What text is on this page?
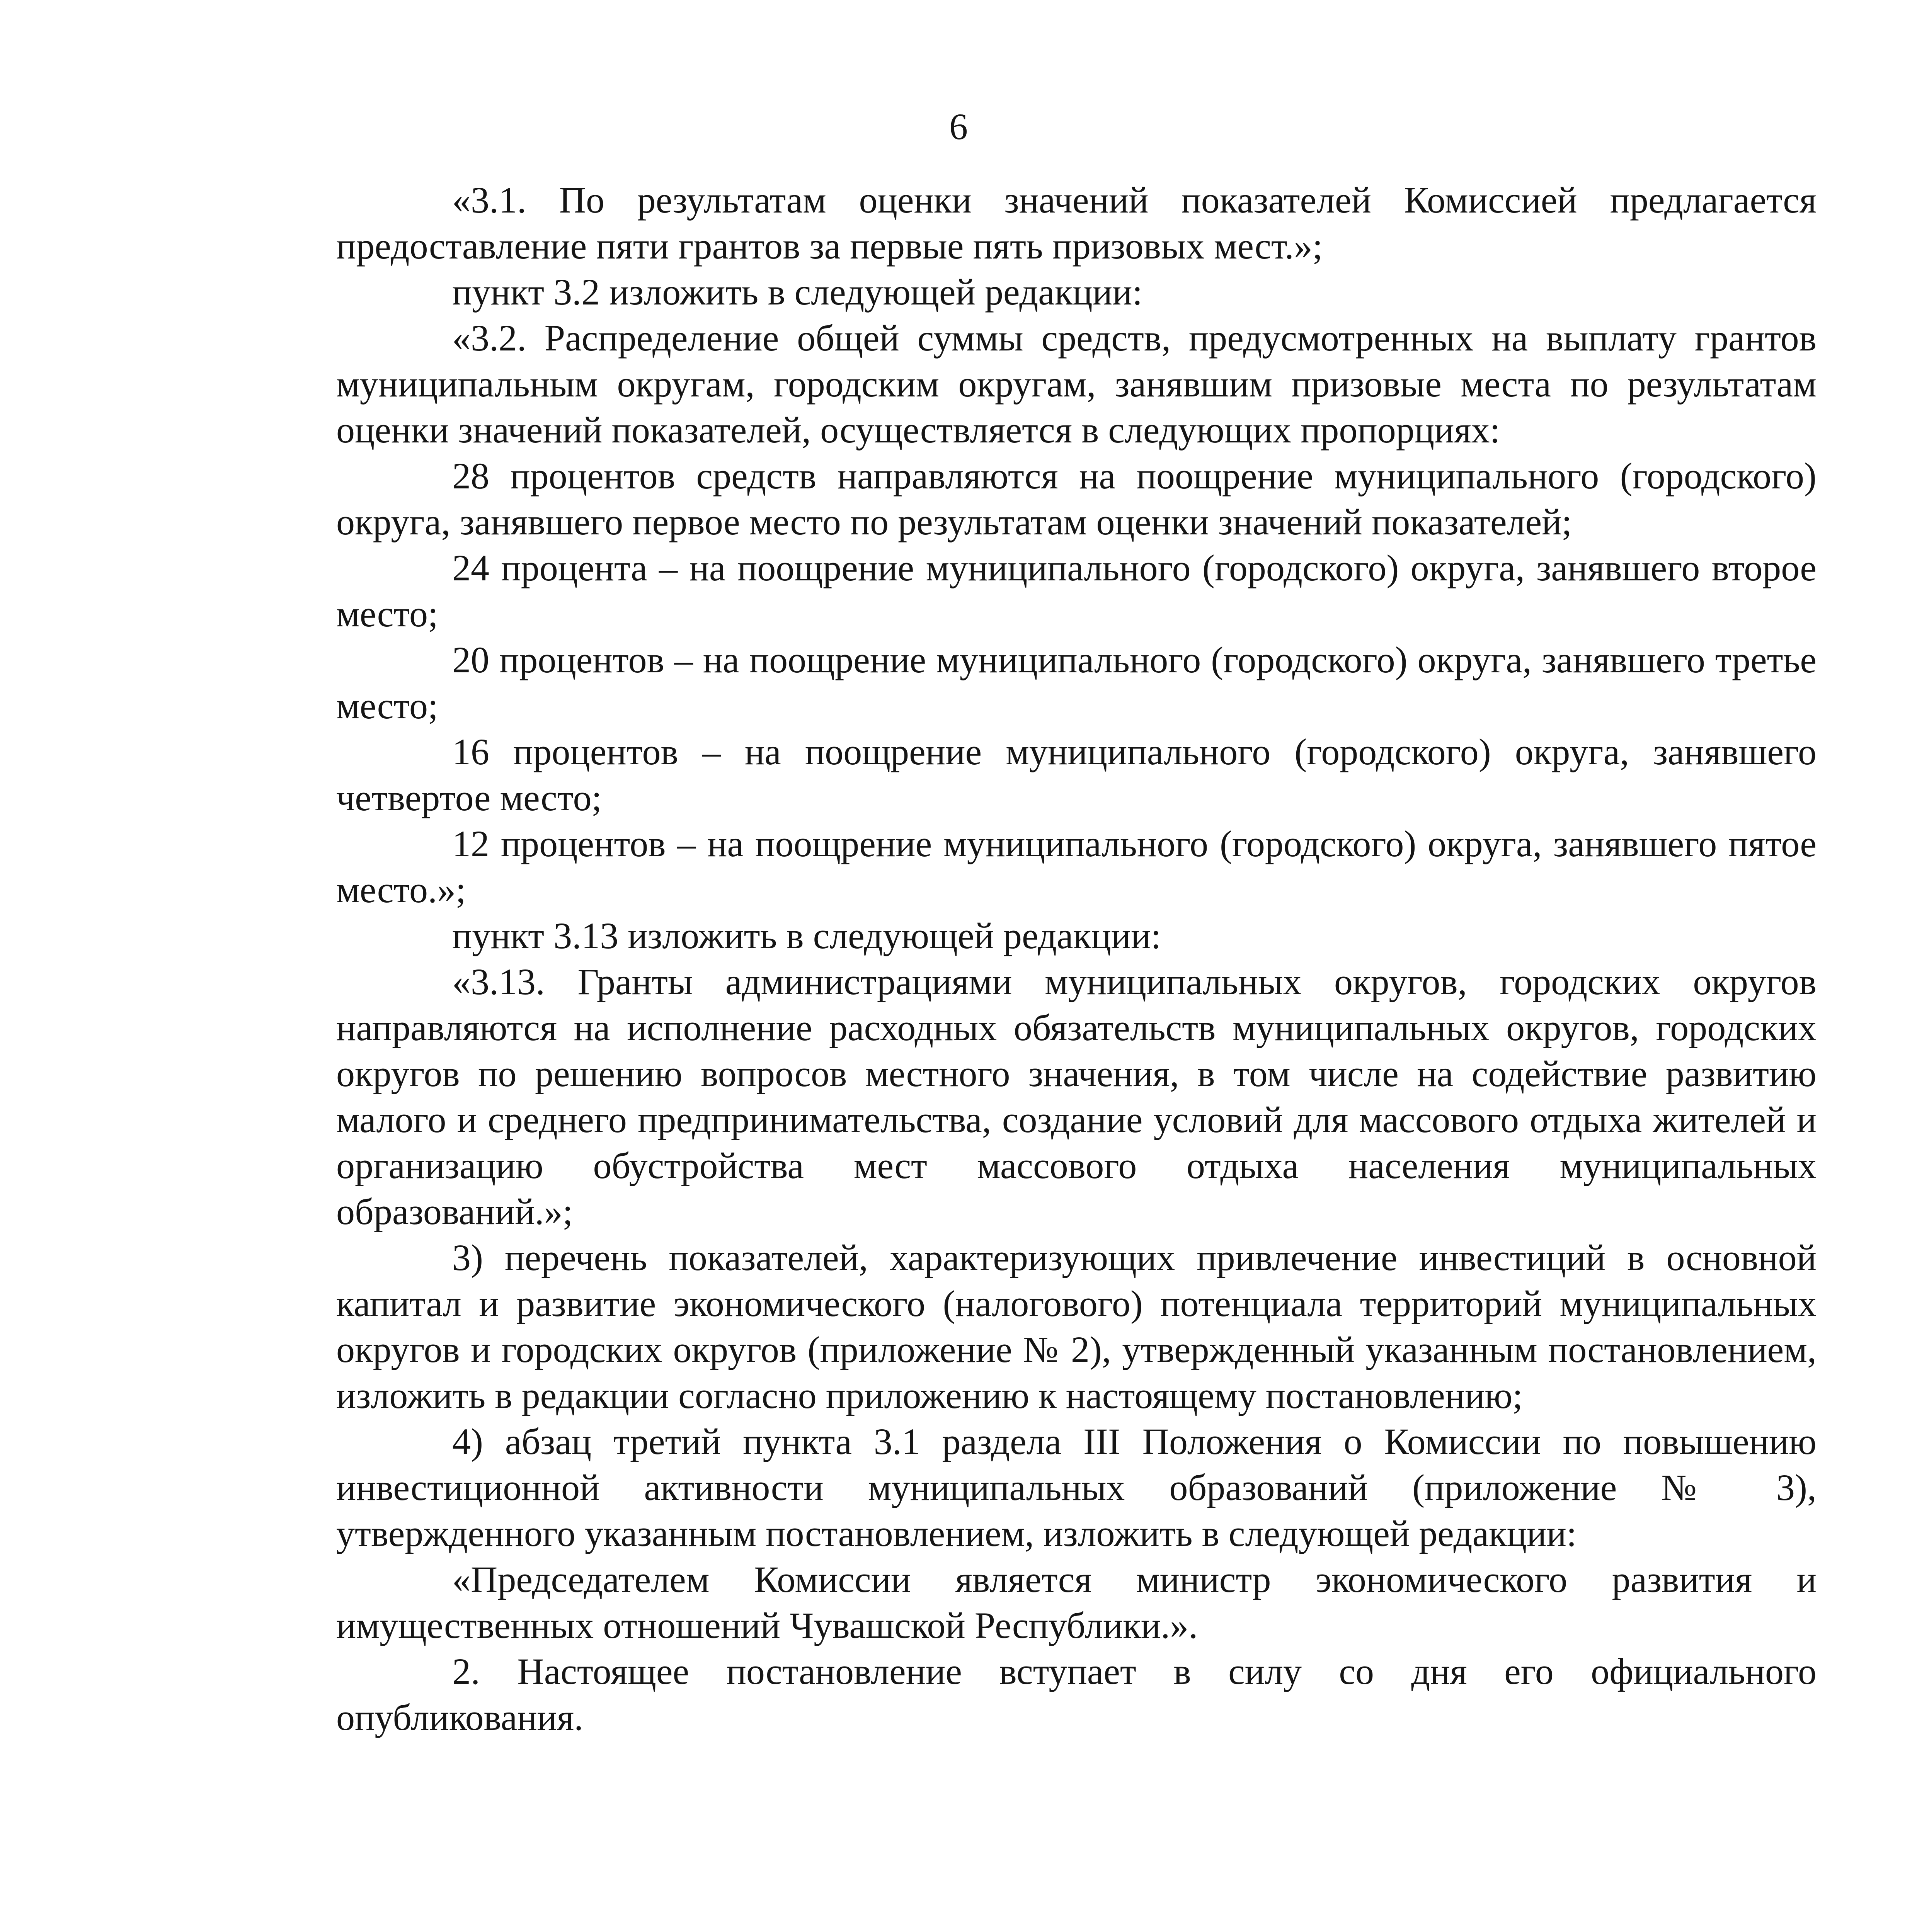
6

«3.1. По результатам оценки значений показателей Комиссией предлагается предоставление пяти грантов за первые пять призовых мест.»;

пункт 3.2 изложить в следующей редакции:

«3.2. Распределение общей суммы средств, предусмотренных на выплату грантов муниципальным округам, городским округам, занявшим призовые места по результатам оценки значений показателей, осуществляется в следующих пропорциях:

28 процентов средств направляются на поощрение муниципального (городского) округа, занявшего первое место по результатам оценки значений показателей;

24 процента – на поощрение муниципального (городского) округа, занявшего второе место;

20 процентов – на поощрение муниципального (городского) округа, занявшего третье место;

16 процентов – на поощрение муниципального (городского) округа, занявшего четвертое место;

12 процентов – на поощрение муниципального (городского) округа, занявшего пятое место.»;

пункт 3.13 изложить в следующей редакции:

«3.13. Гранты администрациями муниципальных округов, городских округов направляются на исполнение расходных обязательств муниципальных округов, городских округов по решению вопросов местного значения, в том числе на содействие развитию малого и среднего предпринимательства, создание условий для массового отдыха жителей и организацию обустройства мест массового отдыха населения муниципальных образований.»;

3) перечень показателей, характеризующих привлечение инвестиций в основной капитал и развитие экономического (налогового) потенциала территорий муниципальных округов и городских округов (приложение № 2), утвержденный указанным постановлением, изложить в редакции согласно приложению к настоящему постановлению;

4) абзац третий пункта 3.1 раздела III Положения о Комиссии по повышению инвестиционной активности муниципальных образований (приложение № 3), утвержденного указанным постановлением, изложить в следующей редакции:

«Председателем Комиссии является министр экономического развития и имущественных отношений Чувашской Республики.».

2. Настоящее постановление вступает в силу со дня его официального опубликования.
